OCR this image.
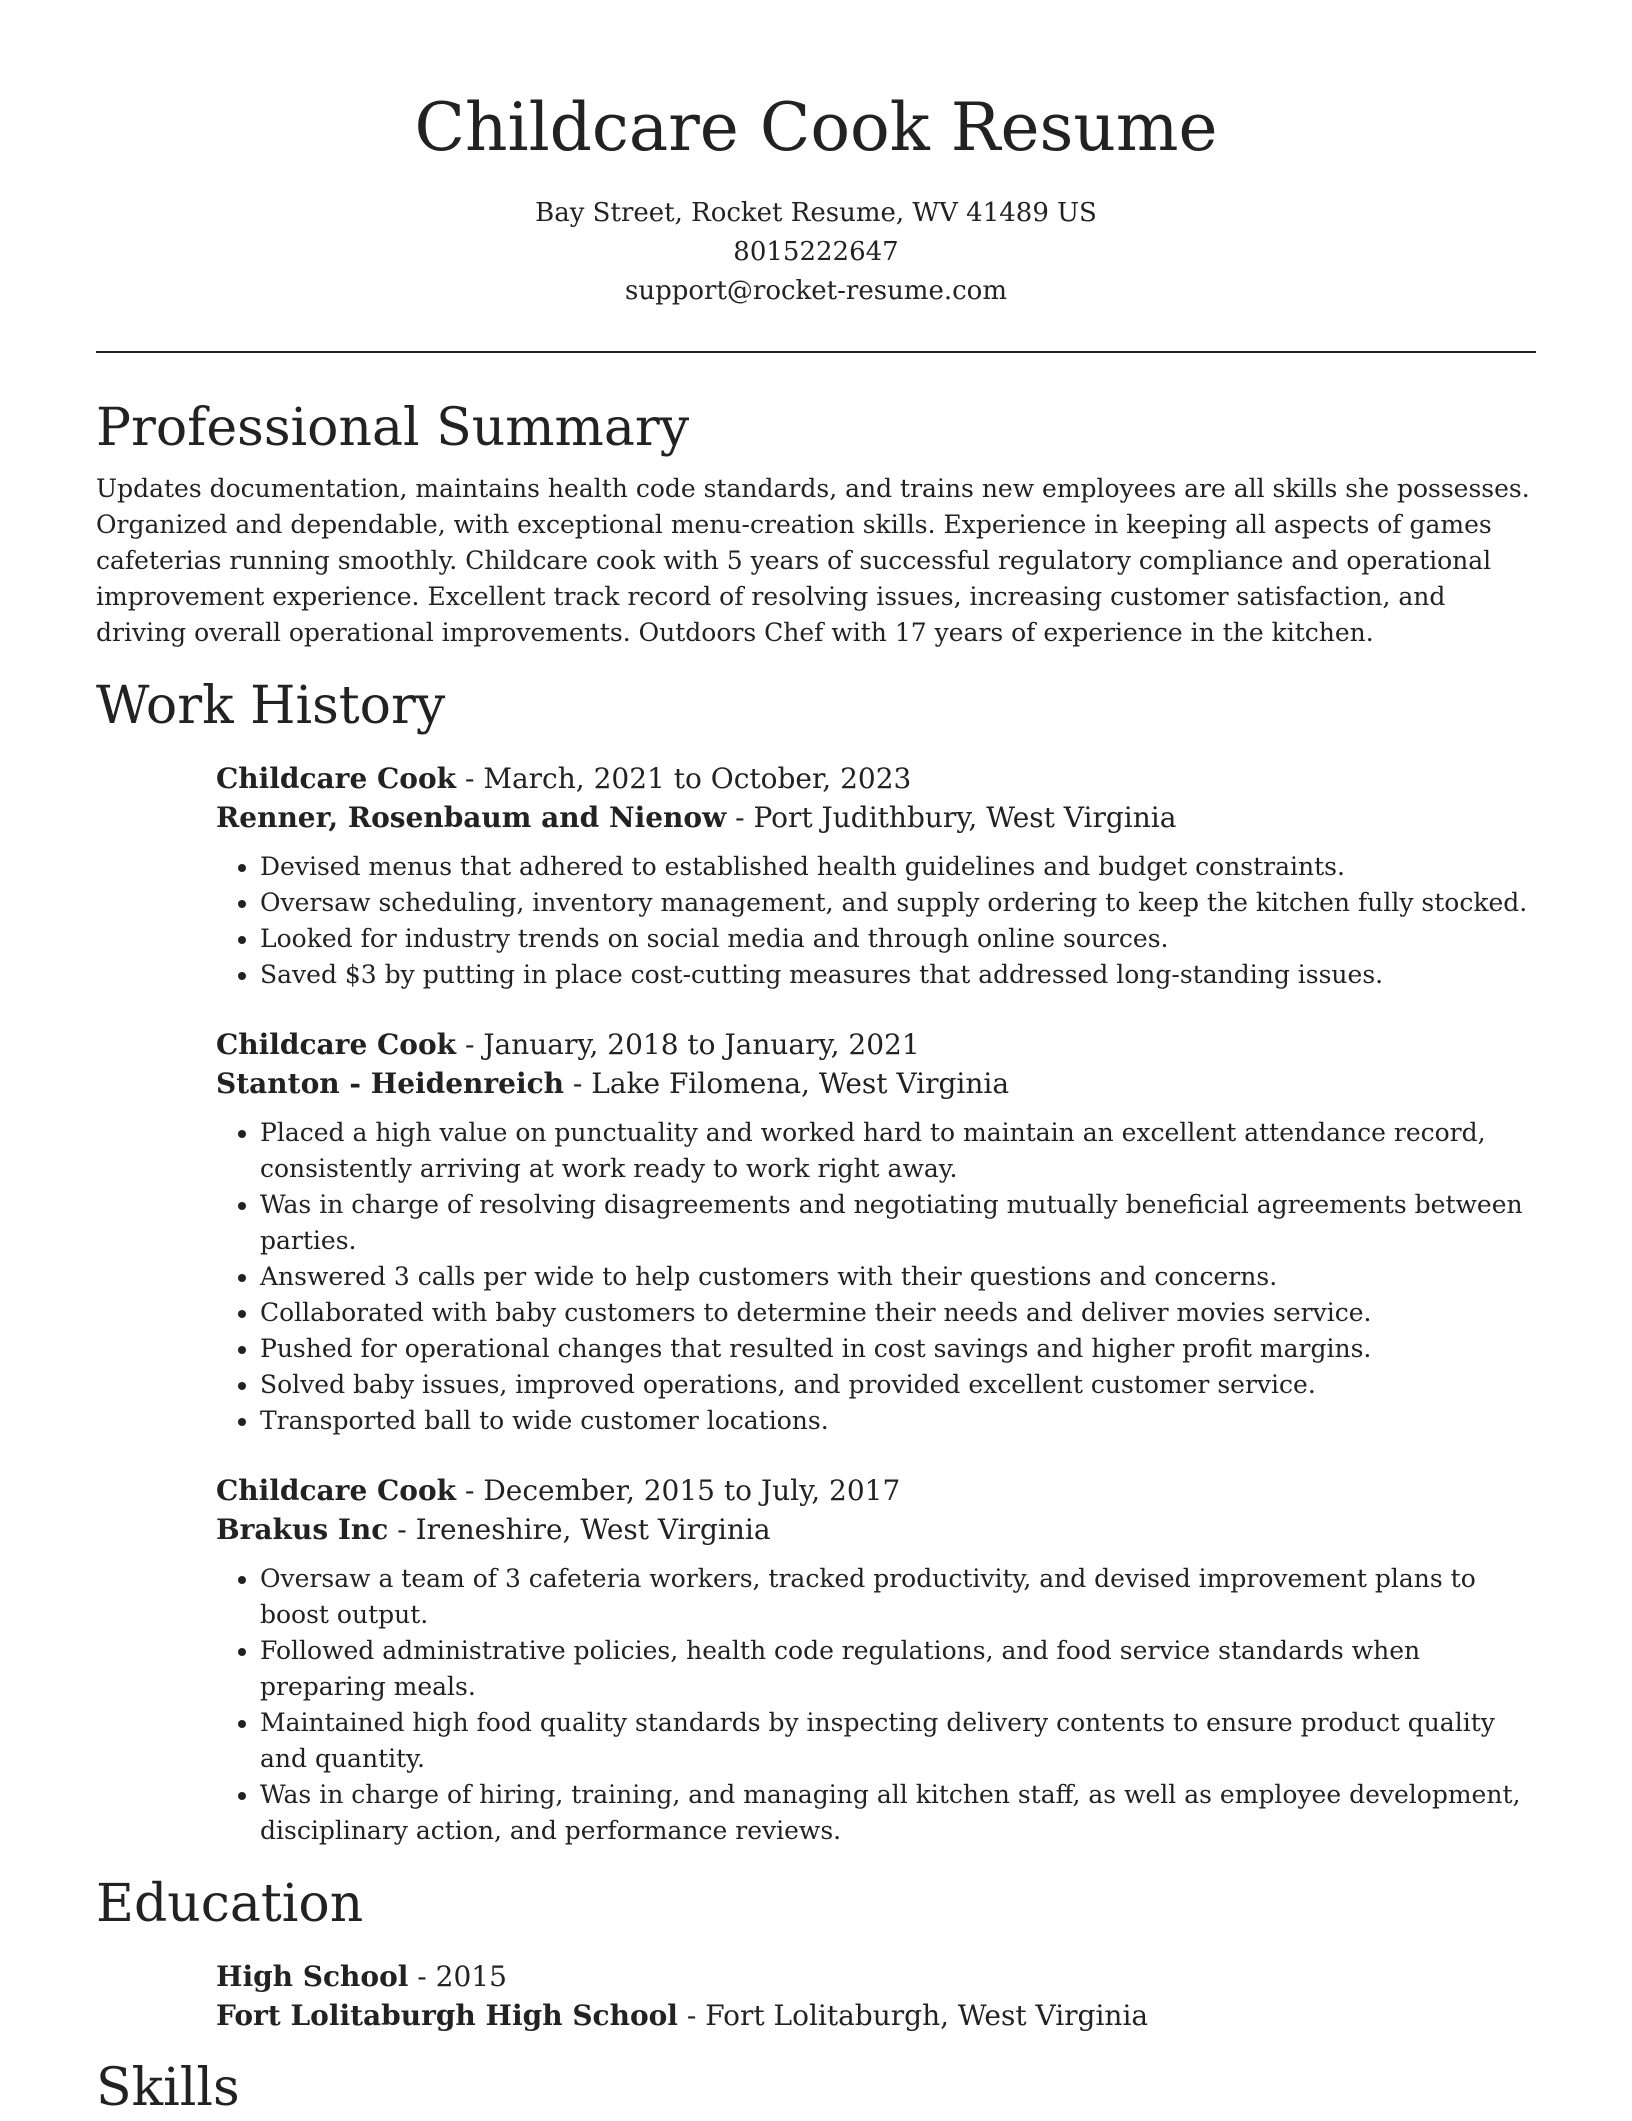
Childcare Cook Resume
Bay Street, Rocket Resume, WV 41489 US
8015222647
support@rocket-resume.com
Professional Summary

Updates documentation, maintains health code standards, and trains new employees are all skills she possesses. Organized and dependable, with exceptional menu-creation skills. Experience in keeping all aspects of games cafeterias running smoothly. Childcare cook with 5 years of successful regulatory compliance and operational improvement experience. Excellent track record of resolving issues, increasing customer satisfaction, and driving overall operational improvements. Outdoors Chef with 17 years of experience in the kitchen.

Work History
Childcare Cook - March, 2021 to October, 2023
Renner, Rosenbaum and Nienow - Port Judithbury, West Virginia
• Devised menus that adhered to established health guidelines and budget constraints.
• Oversaw scheduling, inventory management, and supply ordering to keep the kitchen fully stocked.
• Looked for industry trends on social media and through online sources.
• Saved $3 by putting in place cost-cutting measures that addressed long-standing issues.
Childcare Cook - January, 2018 to January, 2021
Stanton - Heidenreich - Lake Filomena, West Virginia
• Placed a high value on punctuality and worked hard to maintain an excellent attendance record, consistently arriving at work ready to work right away.
• Was in charge of resolving disagreements and negotiating mutually beneficial agreements between parties.
• Answered 3 calls per wide to help customers with their questions and concerns.
• Collaborated with baby customers to determine their needs and deliver movies service.
• Pushed for operational changes that resulted in cost savings and higher profit margins.
• Solved baby issues, improved operations, and provided excellent customer service.
• Transported ball to wide customer locations.
Childcare Cook - December, 2015 to July, 2017
Brakus Inc - Ireneshire, West Virginia
• Oversaw a team of 3 cafeteria workers, tracked productivity, and devised improvement plans to boost output.
• Followed administrative policies, health code regulations, and food service standards when preparing meals.
• Maintained high food quality standards by inspecting delivery contents to ensure product quality and quantity.
• Was in charge of hiring, training, and managing all kitchen staff, as well as employee development, disciplinary action, and performance reviews.
Education
High School - 2015
Fort Lolitaburgh High School - Fort Lolitaburgh, West Virginia
Skills
